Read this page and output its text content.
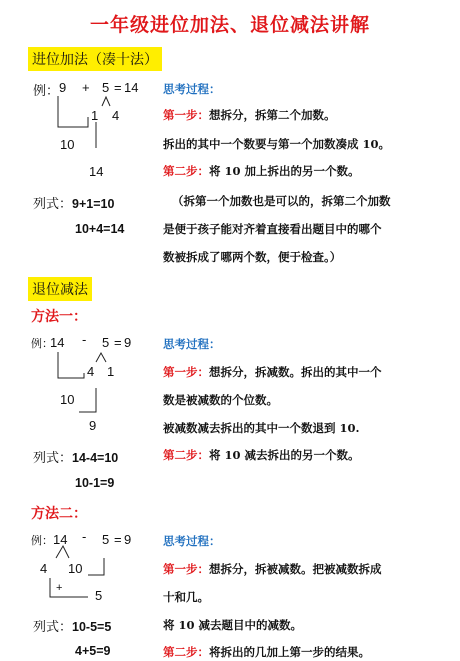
一年级进位加法、退位减法讲解
进位加法（凑十法）
例： 9 + 5 = 14
1 4
10
14
思考过程：
第一步：想拆分，拆第二个加数。
拆出的其中一个数要与第一个加数凑成 10。
第二步：将 10 加上拆出的另一个数。
列式：9+1=10
10+4=14
（拆第一个加数也是可以的，拆第二个加数
是便于孩子能对齐着直接看出题目中的哪个
数被拆成了哪两个数，便于检查。）
退位减法
方法一：
例：
14 - 5 = 9
4 1
10
9
思考过程：
第一步：想拆分，拆减数。拆出的其中一个
数是被减数的个位数。
被减数减去拆出的其中一个数退到 10.
列式：14-4=10
10-1=9
第二步：将 10 减去拆出的另一个数。
方法二：
例： 14 - 5 = 9
4 10
+	5
思考过程：
第一步：想拆分，拆被减数。把被减数拆成
十和几。
列式：10-5=5	将 10 减去题目中的减数。
4+5=9	第二步：将拆出的几加上第一步的结果。
